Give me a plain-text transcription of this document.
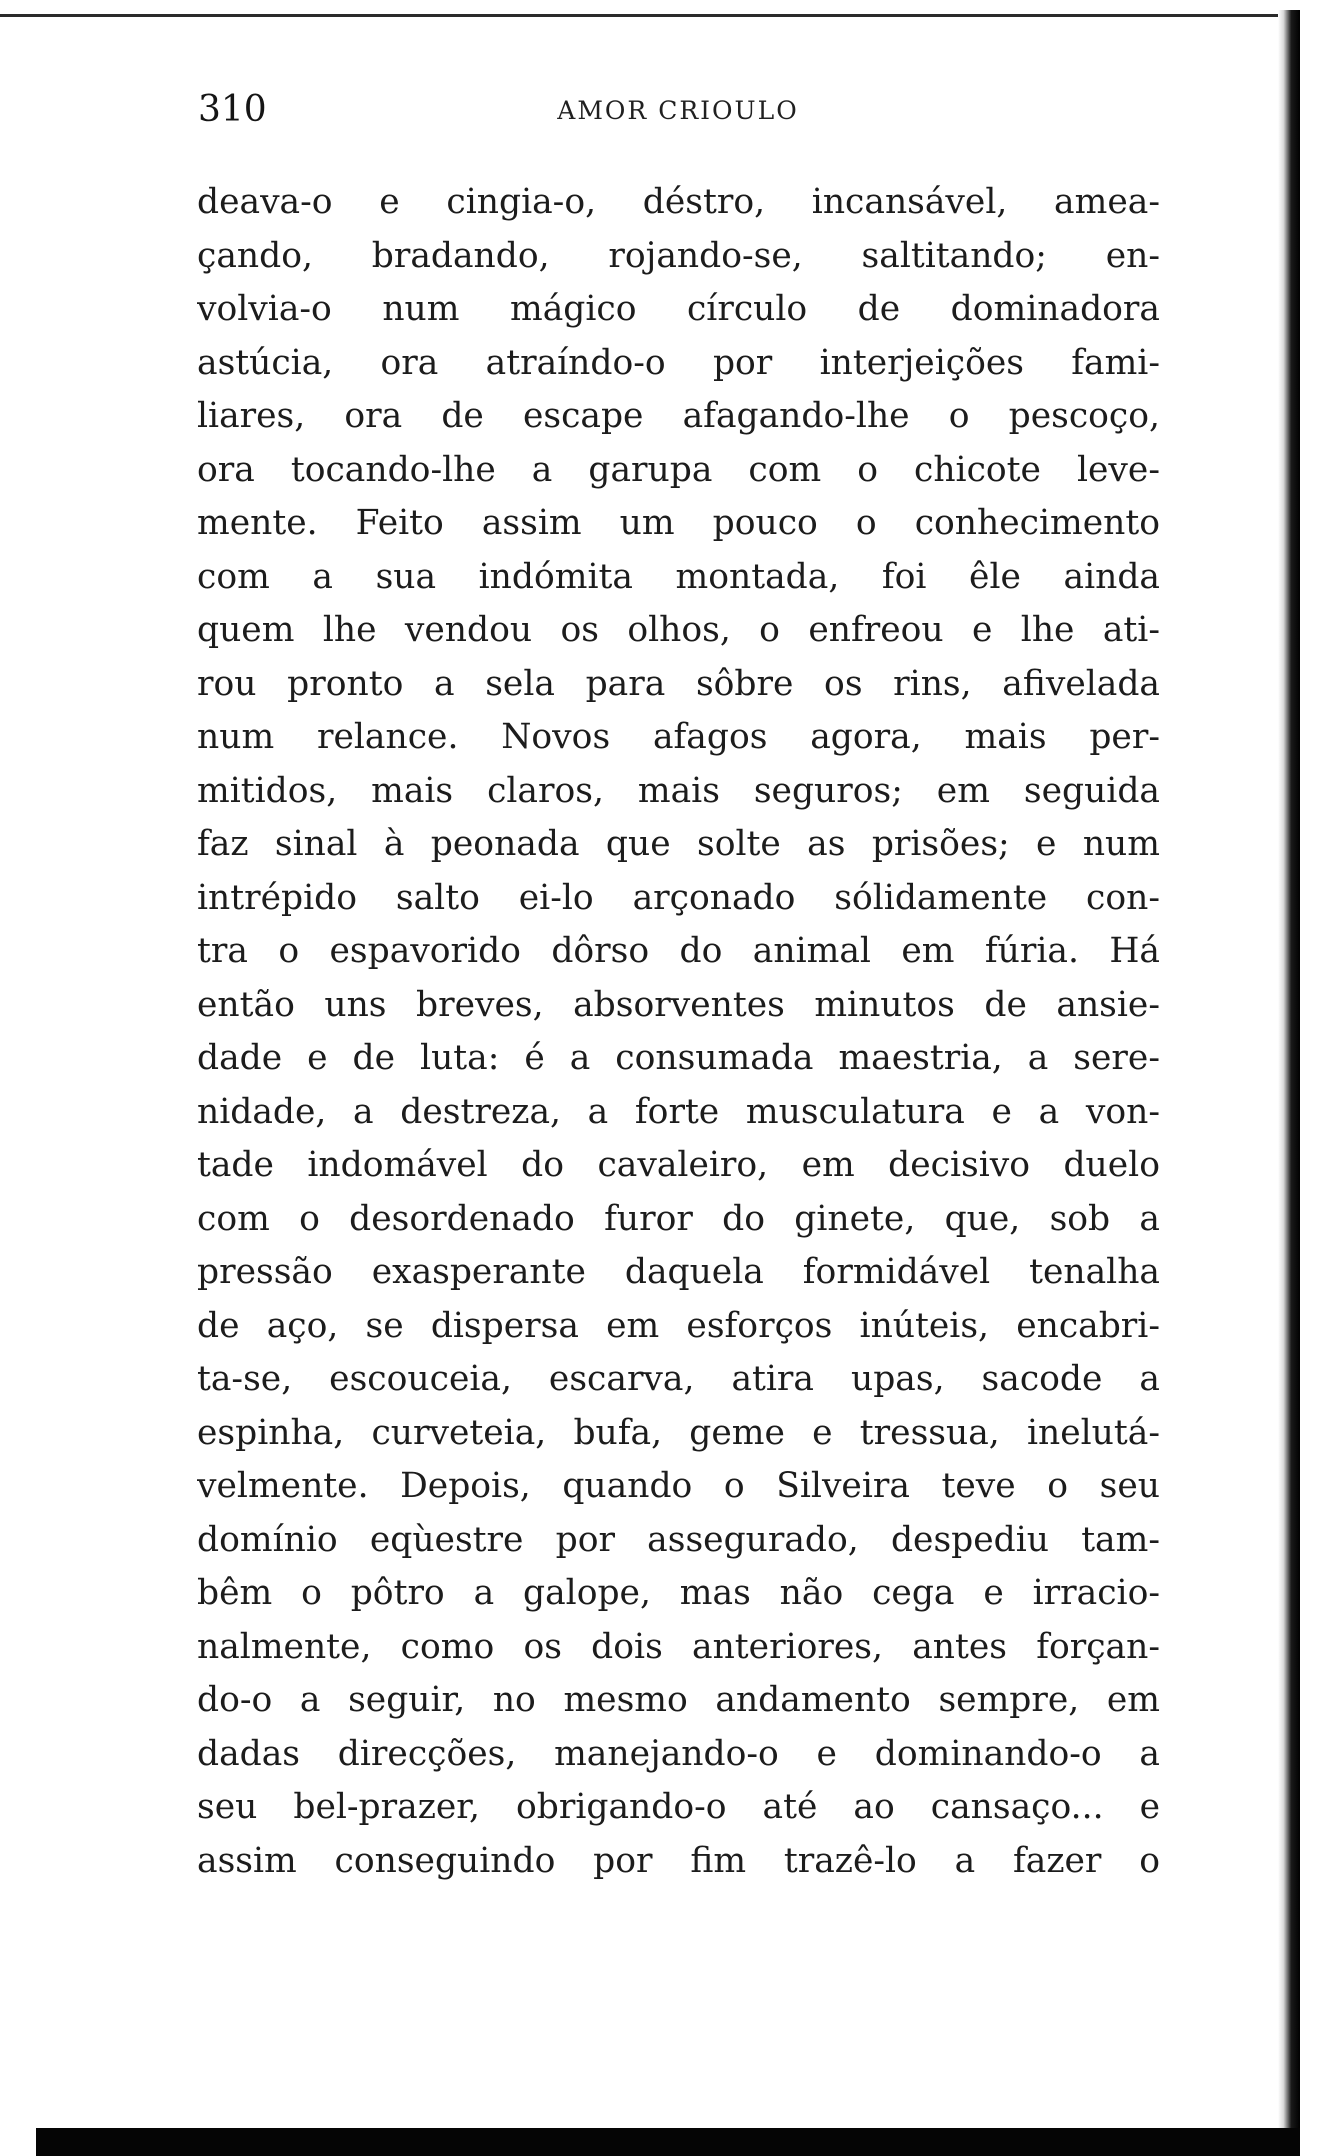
310	AMOR CRIOULO
deava-o e cingia-o, déstro, incansável, amea-
çando, bradando, rojando-se, saltitando; en-
volvia-o num mágico círculo de dominadora
astúcia, ora atraíndo-o por interjeições fami-
liares, ora de escape afagando-lhe o pescoço,
ora tocando-lhe a garupa com o chicote leve-
mente. Feito assim um pouco o conhecimento
com a sua indómita montada, foi êle ainda
quem lhe vendou os olhos, o enfreou e lhe ati-
rou pronto a sela para sôbre os rins, afivelada
num relance. Novos afagos agora, mais per-
mitidos, mais claros, mais seguros; em seguida
faz sinal à peonada que solte as prisões; e num
intrépido salto ei-lo arçonado sólidamente con-
tra o espavorido dôrso do animal em fúria. Há
então uns breves, absorventes minutos de ansie-
dade e de luta: é a consumada maestria, a sere-
nidade, a destreza, a forte musculatura e a von-
tade indomável do cavaleiro, em decisivo duelo
com o desordenado furor do ginete, que, sob a
pressão exasperante daquela formidável tenalha
de aço, se dispersa em esforços inúteis, encabri-
ta-se, escouceia, escarva, atira upas, sacode a
espinha, curveteia, bufa, geme e tressua, inelutá-
velmente. Depois, quando o Silveira teve o seu
domínio eqùestre por assegurado, despediu tam-
bêm o pôtro a galope, mas não cega e irracio-
nalmente, como os dois anteriores, antes forçan-
do-o a seguir, no mesmo andamento sempre, em
dadas direcções, manejando-o e dominando-o a
seu bel-prazer, obrigando-o até ao cansaço... e
assim conseguindo por fim trazê-lo a fazer o
